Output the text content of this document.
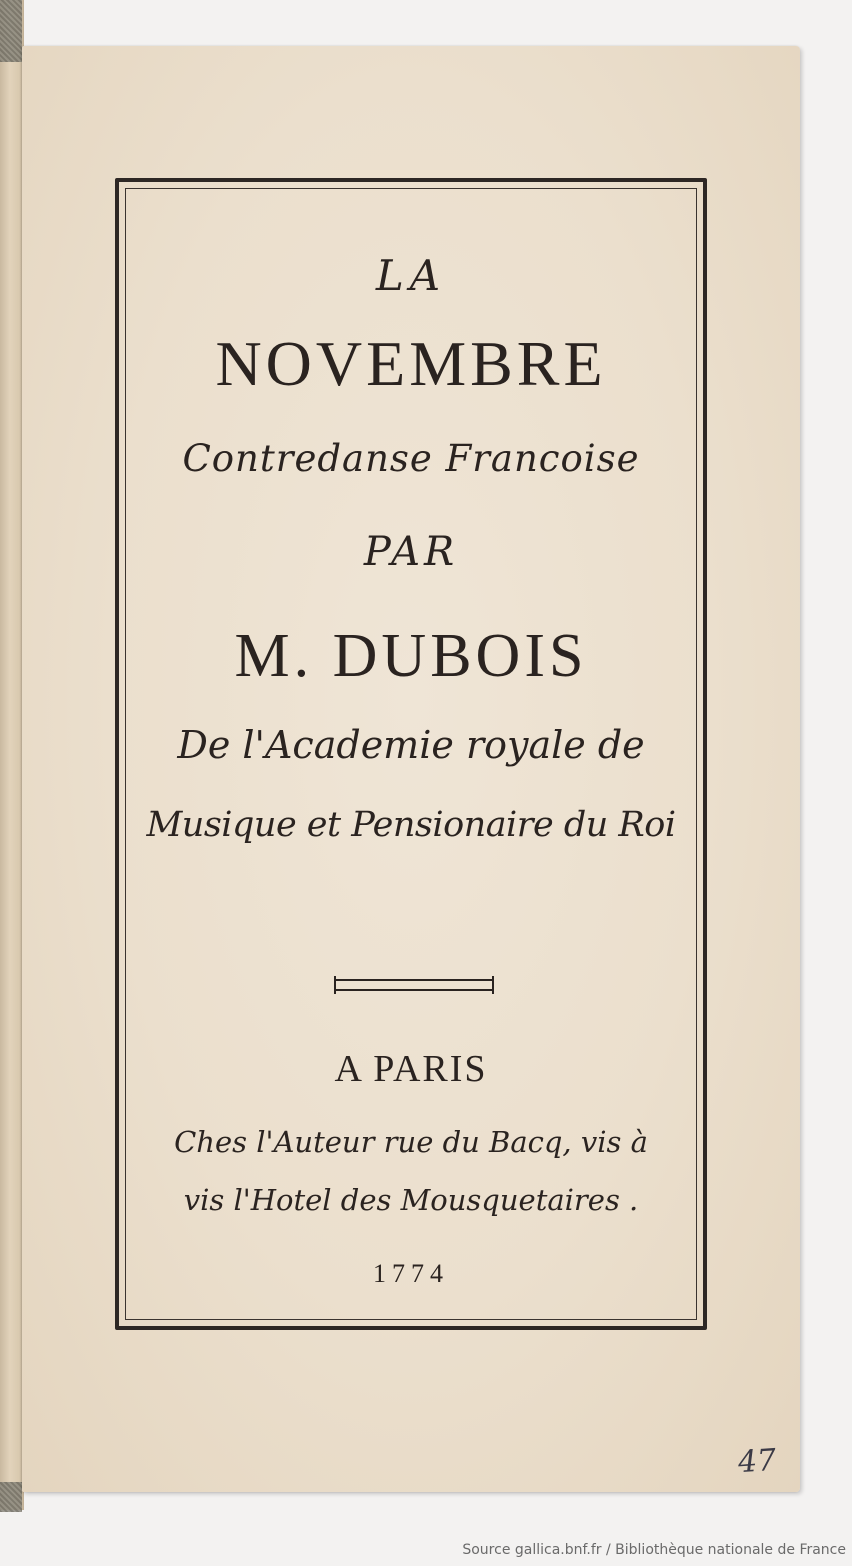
LA
NOVEMBRE
Contredanse Francoise
PAR
M. DUBOIS
De l'Academie royale de
Musique et Pensionaire du Roi
A PARIS
Ches l'Auteur rue du Bacq, vis à
vis l'Hotel des Mousquetaires .
1774
47
Source gallica.bnf.fr / Bibliothèque nationale de France
